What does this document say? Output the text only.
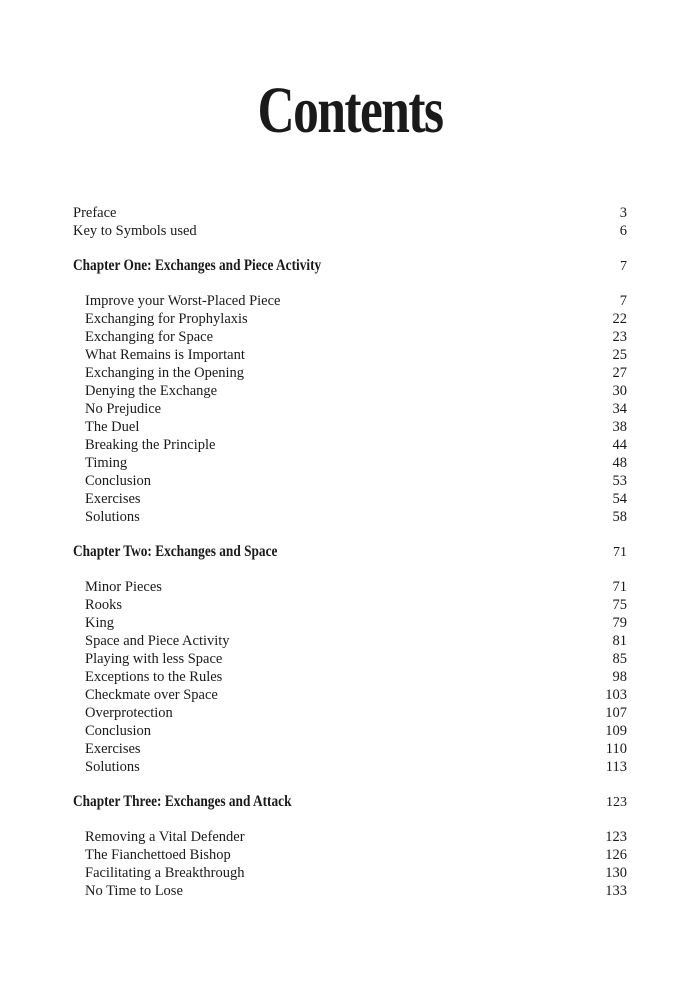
Contents
Preface	3
Key to Symbols used	6
Chapter One: Exchanges and Piece Activity	7
Improve your Worst-Placed Piece	7
Exchanging for Prophylaxis	22
Exchanging for Space	23
What Remains is Important	25
Exchanging in the Opening	27
Denying the Exchange	30
No Prejudice	34
The Duel	38
Breaking the Principle	44
Timing	48
Conclusion	53
Exercises	54
Solutions	58
Chapter Two: Exchanges and Space	71
Minor Pieces	71
Rooks	75
King	79
Space and Piece Activity	81
Playing with less Space	85
Exceptions to the Rules	98
Checkmate over Space	103
Overprotection	107
Conclusion	109
Exercises	110
Solutions	113
Chapter Three: Exchanges and Attack	123
Removing a Vital Defender	123
The Fianchettoed Bishop	126
Facilitating a Breakthrough	130
No Time to Lose	133
